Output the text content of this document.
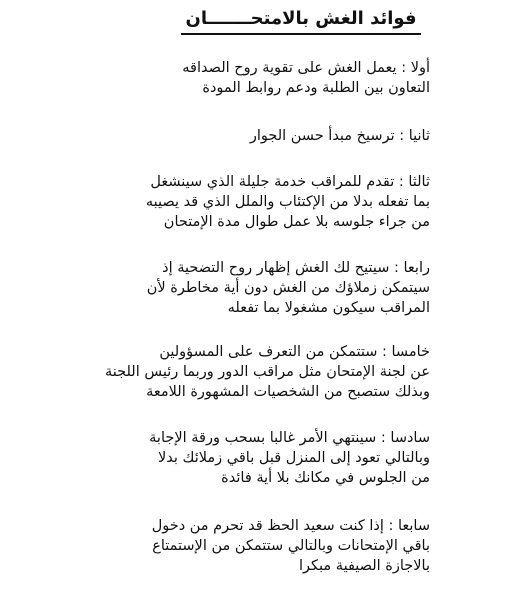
فوائد الغش بالامتحـــــــان
أولا : يعمل الغش على تقوية روح الصداقه
التعاون بين الطلبة ودعم روابط المودة
ثانيا : ترسيخ مبدأ حسن الجوار
ثالثا : تقدم للمراقب خدمة جليلة الذي سينشغل
بما تفعله بدلا من الإكتئاب والملل الذي قد يصيبه
من جراء جلوسه بلا عمل طوال مدة الإمتحان
رابعا : سيتيح لك الغش إظهار روح التضحية إذ
سيتمكن زملاؤك من الغش دون أية مخاطرة لأن
المراقب سيكون مشغولا بما تفعله
خامسا : ستتمكن من التعرف على المسؤولين
عن لجنة الإمتحان مثل مراقب الدور وربما رئيس اللجنة
وبذلك ستصبح من الشخصيات المشهورة اللامعة
سادسا : سينتهي الأمر غالبا بسحب ورقة الإجابة
وبالتالي تعود إلى المنزل قبل باقي زملائك بدلا
من الجلوس في مكانك بلا أية فائدة
سابعا : إذا كنت سعيد الحظ قد تحرم من دخول
باقي الإمتحانات وبالتالي ستتمكن من الإستمتاع
بالاجازة الصيفية مبكرا
